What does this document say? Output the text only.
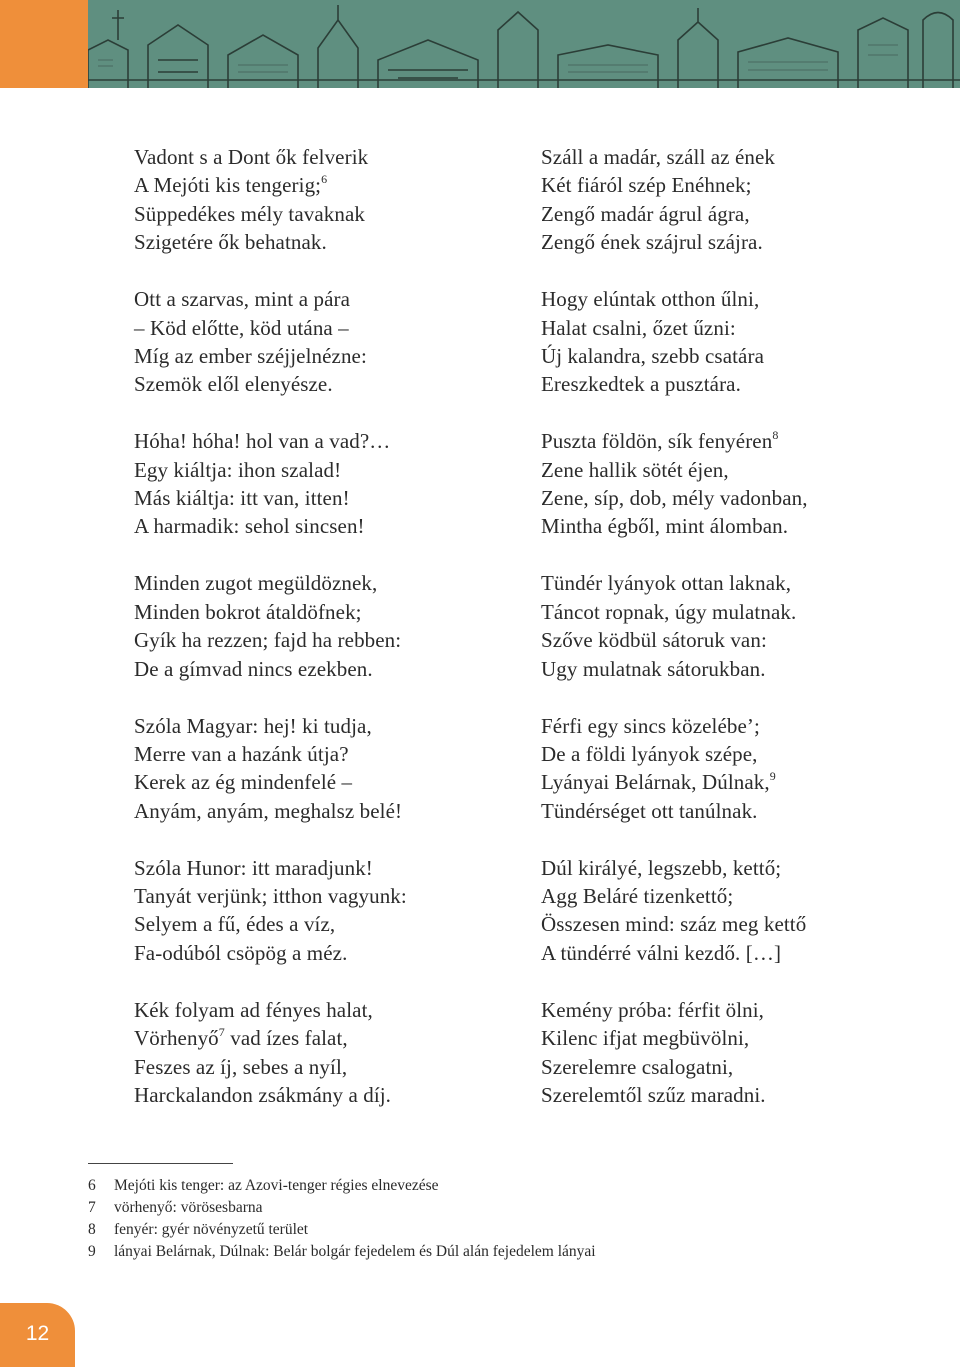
Vadont s a Dont ők felverik
A Mejóti kis tengerig;$^6$
Süppedékes mély tavaknak
Szigetére ők behatnak.
Ott a szarvas, mint a pára
– Köd előtte, köd utána –
Míg az ember széjjelnézne:
Szemök elől elenyésze.
Hóha! hóha! hol van a vad?…
Egy kiáltja: ihon szalad!
Más kiáltja: itt van, itten!
A harmadik: sehol sincsen!
Minden zugot megüldöznek,
Minden bokrot átaldöfnek;
Gyík ha rezzen; fajd ha rebben:
De a gímvad nincs ezekben.
Szóla Magyar: hej! ki tudja,
Merre van a hazánk útja?
Kerek az ég mindenfelé –
Anyám, anyám, meghalsz belé!
Szóla Hunor: itt maradjunk!
Tanyát verjünk; itthon vagyunk:
Selyem a fű, édes a víz,
Fa-odúból csöpög a méz.
Kék folyam ad fényes halat,
Vörhenyő$^7$ vad ízes falat,
Feszes az íj, sebes a nyíl,
Harckalandon zsákmány a díj.
Száll a madár, száll az ének
Két fiáról szép Enéhnek;
Zengő madár ágrul ágra,
Zengő ének szájrul szájra.
Hogy elúntak otthon űlni,
Halat csalni, őzet űzni:
Új kalandra, szebb csatára
Ereszkedtek a pusztára.
Puszta földön, sík fenyéren$^8$
Zene hallik sötét éjen,
Zene, síp, dob, mély vadonban,
Mintha égből, mint álomban.
Tündér lyányok ottan laknak,
Táncot ropnak, úgy mulatnak.
Szőve ködbül sátoruk van:
Ugy mulatnak sátorukban.
Férfi egy sincs közelébe’;
De a földi lyányok szépe,
Lyányai Belárnak, Dúlnak,$^9$
Tündérséget ott tanúlnak.
Dúl királyé, legszebb, kettő;
Agg Beláré tizenkettő;
Összesen mind: száz meg kettő
A tündérré válni kezdő. […]
Kemény próba: férfit ölni,
Kilenc ifjat megbüvölni,
Szerelemre csalogatni,
Szerelemtől szűz maradni.
6 Mejóti kis tenger: az Azovi-tenger régies elnevezése
7 vörhenyő: vörösesbarna
8 fenyér: gyér növényzetű terület
9 lányai Belárnak, Dúlnak: Belár bolgár fejedelem és Dúl alán fejedelem lányai
12
